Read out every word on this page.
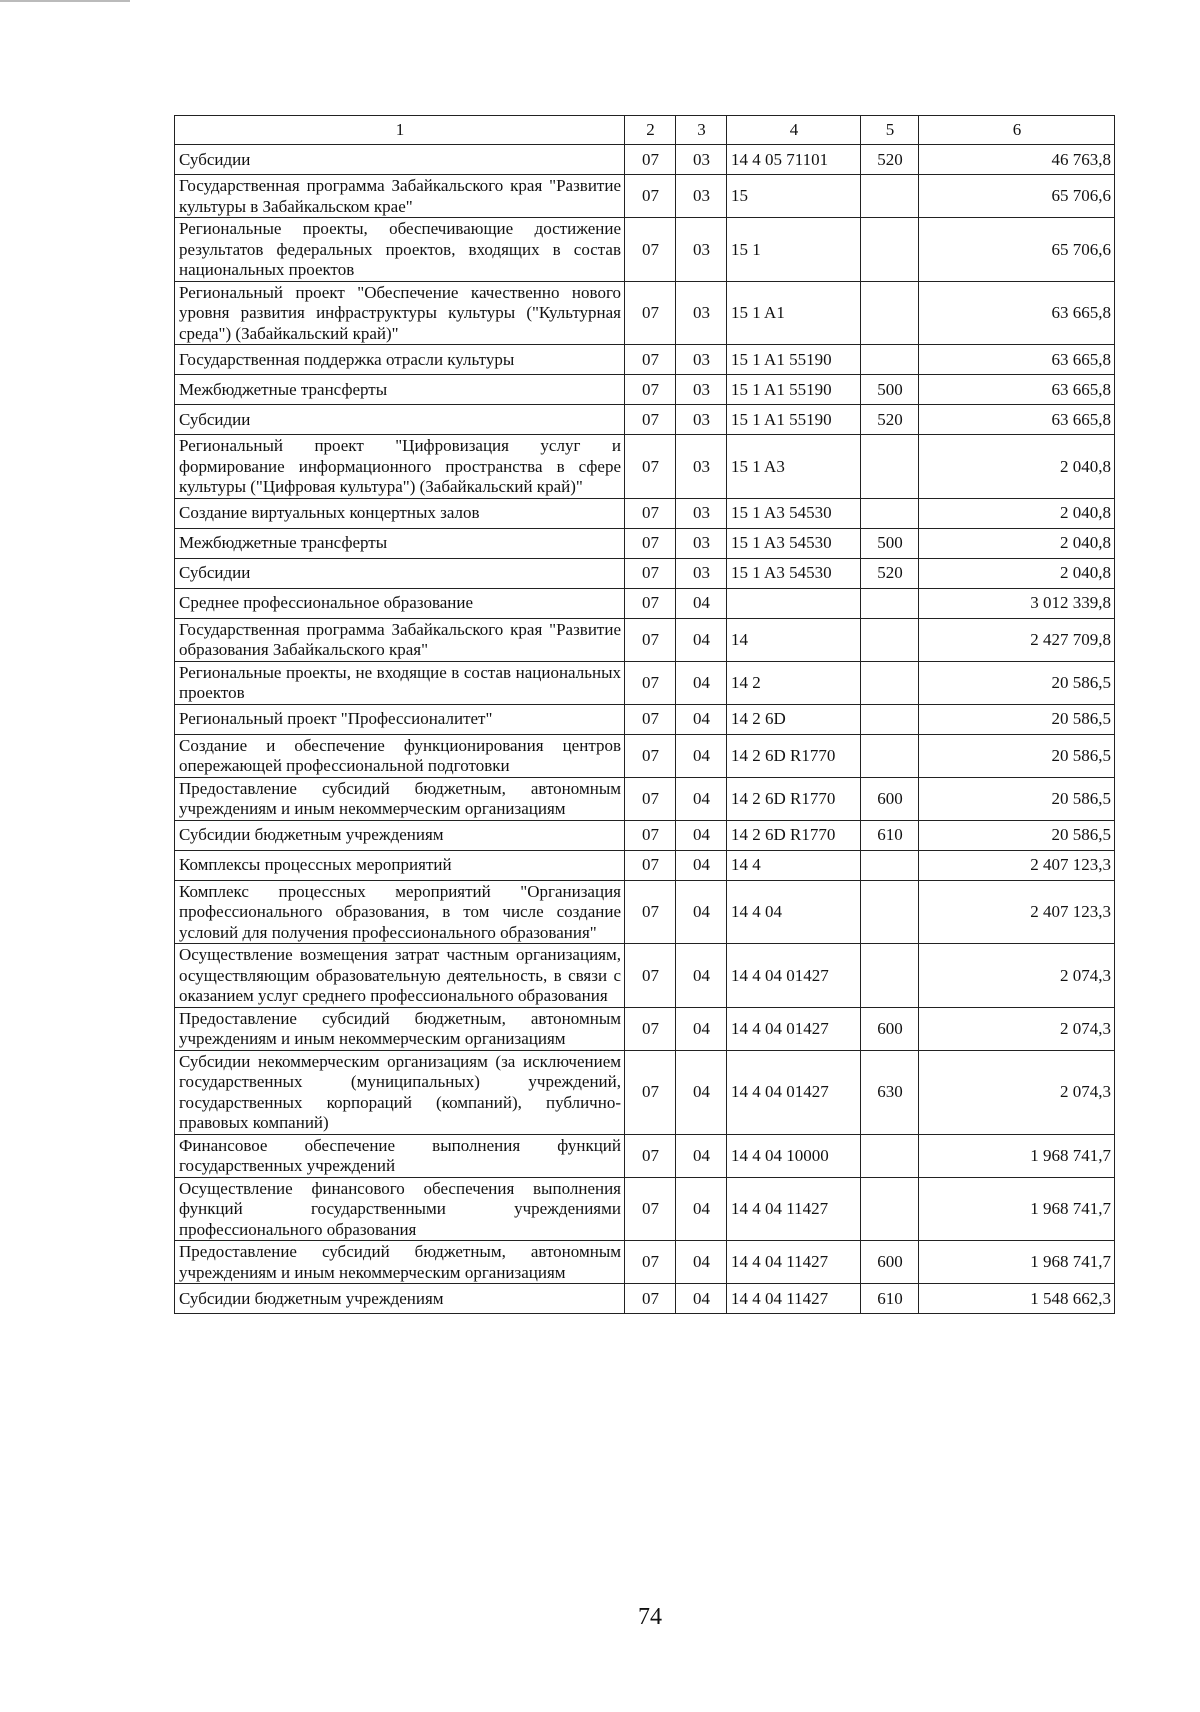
1	2	3	4	5	6
Субсидии	07	03	14 4 05 71101	520	46 763,8
Государственная программа Забайкальского края "Развитие культуры в Забайкальском крае"	07	03	15		65 706,6
Региональные проекты, обеспечивающие достижение результатов федеральных проектов, входящих в состав национальных проектов	07	03	15 1		65 706,6
Региональный проект "Обеспечение качественно нового уровня развития инфраструктуры культуры ("Культурная среда") (Забайкальский край)"	07	03	15 1 A1		63 665,8
Государственная поддержка отрасли культуры	07	03	15 1 A1 55190		63 665,8
Межбюджетные трансферты	07	03	15 1 A1 55190	500	63 665,8
Субсидии	07	03	15 1 A1 55190	520	63 665,8
Региональный проект "Цифровизация услуг и формирование информационного пространства в сфере культуры ("Цифровая культура") (Забайкальский край)"	07	03	15 1 A3		2 040,8
Создание виртуальных концертных залов	07	03	15 1 A3 54530		2 040,8
Межбюджетные трансферты	07	03	15 1 A3 54530	500	2 040,8
Субсидии	07	03	15 1 A3 54530	520	2 040,8
Среднее профессиональное образование	07	04			3 012 339,8
Государственная программа Забайкальского края "Развитие образования Забайкальского края"	07	04	14		2 427 709,8
Региональные проекты, не входящие в состав национальных проектов	07	04	14 2		20 586,5
Региональный проект "Профессионалитет"	07	04	14 2 6D		20 586,5
Создание и обеспечение функционирования центров опережающей профессиональной подготовки	07	04	14 2 6D R1770		20 586,5
Предоставление субсидий бюджетным, автономным учреждениям и иным некоммерческим организациям	07	04	14 2 6D R1770	600	20 586,5
Субсидии бюджетным учреждениям	07	04	14 2 6D R1770	610	20 586,5
Комплексы процессных мероприятий	07	04	14 4		2 407 123,3
Комплекс процессных мероприятий "Организация профессионального образования, в том числе создание условий для получения профессионального образования"	07	04	14 4 04		2 407 123,3
Осуществление возмещения затрат частным организациям, осуществляющим образовательную деятельность, в связи с оказанием услуг среднего профессионального образования	07	04	14 4 04 01427		2 074,3
Предоставление субсидий бюджетным, автономным учреждениям и иным некоммерческим организациям	07	04	14 4 04 01427	600	2 074,3
Субсидии некоммерческим организациям (за исключением государственных (муниципальных) учреждений, государственных корпораций (компаний), публично-правовых компаний)	07	04	14 4 04 01427	630	2 074,3
Финансовое обеспечение выполнения функций государственных учреждений	07	04	14 4 04 10000		1 968 741,7
Осуществление финансового обеспечения выполнения функций государственными учреждениями профессионального образования	07	04	14 4 04 11427		1 968 741,7
Предоставление субсидий бюджетным, автономным учреждениям и иным некоммерческим организациям	07	04	14 4 04 11427	600	1 968 741,7
Субсидии бюджетным учреждениям	07	04	14 4 04 11427	610	1 548 662,3
74
